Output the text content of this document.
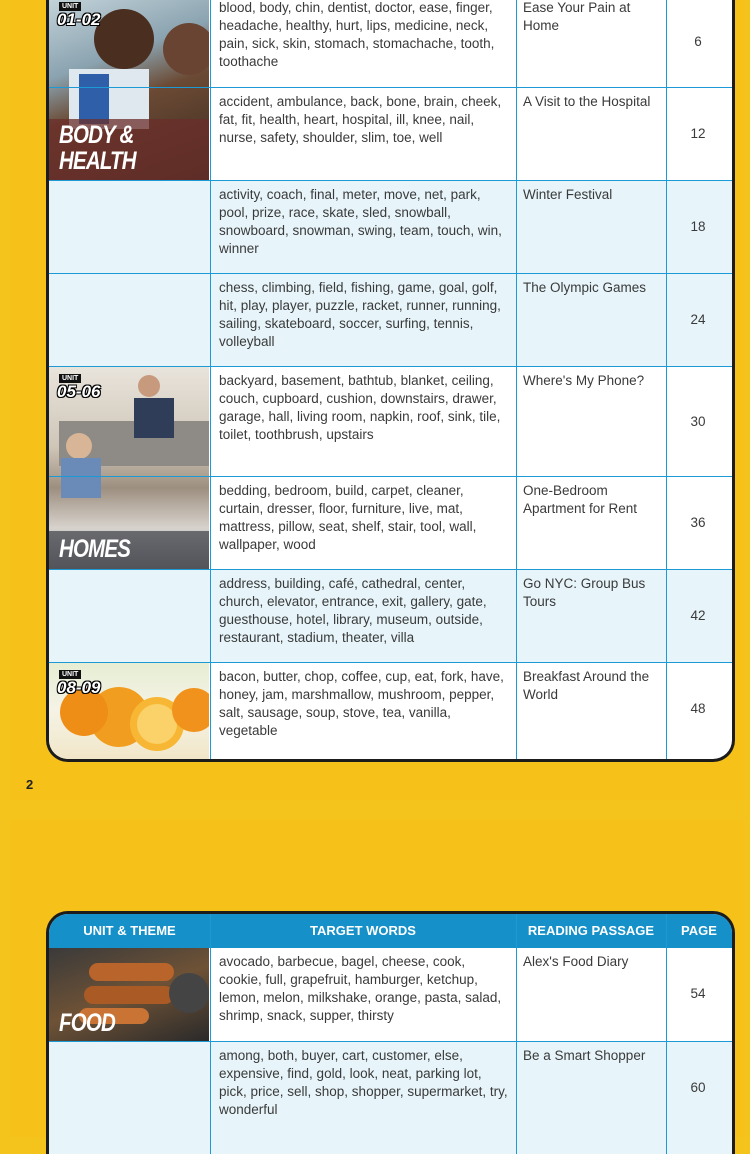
UNIT
01-02
BODY &
HEALTH
UNIT
05-06
HOMES
UNIT
08-09
blood, body, chin, dentist, doctor, ease, finger, headache, healthy, hurt, lips, medicine, neck, pain, sick, skin, stomach, stomachache, tooth, toothache
Ease Your Pain at Home
6
accident, ambulance, back, bone, brain, cheek, fat, fit, health, heart, hospital, ill, knee, nail, nurse, safety, shoulder, slim, toe, well
A Visit to the Hospital
12
activity, coach, final, meter, move, net, park, pool, prize, race, skate, sled, snowball, snowboard, snowman, swing, team, touch, win, winner
Winter Festival
18
chess, climbing, field, fishing, game, goal, golf, hit, play, player, puzzle, racket, runner, running, sailing, skateboard, soccer, surfing, tennis, volleyball
The Olympic Games
24
backyard, basement, bathtub, blanket, ceiling, couch, cupboard, cushion, downstairs, drawer, garage, hall, living room, napkin, roof, sink, tile, toilet, toothbrush, upstairs
Where's My Phone?
30
bedding, bedroom, build, carpet, cleaner, curtain, dresser, floor, furniture, live, mat, mattress, pillow, seat, shelf, stair, tool, wall, wallpaper, wood
One-Bedroom Apartment for Rent
36
address, building, café, cathedral, center, church, elevator, entrance, exit, gallery, gate, guesthouse, hotel, library, museum, outside, restaurant, stadium, theater, villa
Go NYC: Group Bus Tours
42
bacon, butter, chop, coffee, cup, eat, fork, have, honey, jam, marshmallow, mushroom, pepper, salt, sausage, soup, stove, tea, vanilla, vegetable
Breakfast Around the World
48
2
UNIT & THEME	TARGET WORDS	READING PASSAGE	PAGE
FOOD
avocado, barbecue, bagel, cheese, cook, cookie, full, grapefruit, hamburger, ketchup, lemon, melon, milkshake, orange, pasta, salad, shrimp, snack, supper, thirsty
Alex's Food Diary
54
among, both, buyer, cart, customer, else, expensive, find, gold, look, neat, parking lot, pick, price, sell, shop, shopper, supermarket, try, wonderful
Be a Smart Shopper
60
